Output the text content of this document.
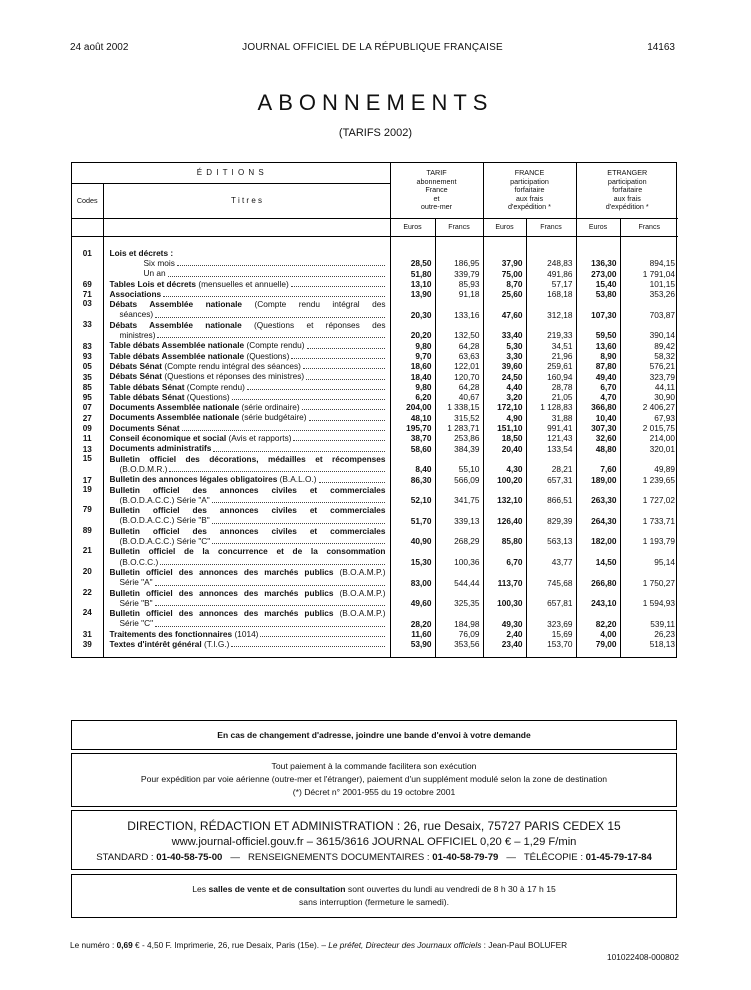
24 août 2002	JOURNAL OFFICIEL DE LA RÉPUBLIQUE FRANÇAISE	14163
ABONNEMENTS
(TARIFS 2002)
É D I T I O N S		TARIF
abonnement
France
et
outre-mer		FRANCE
participation
forfaitaire
aux frais
d'expédition *		ETRANGER
participation
forfaitaire
aux frais
d'expédition *	
Codes	T i t r e s						
		Euros	Francs	Euros	Francs	Euros	Francs

01	Lois et décrets :						

	Six mois	28,50	186,95	37,90	248,83	136,30	894,15

	Un an	51,80	339,79	75,00	491,86	273,00	1 791,04
69	Tables Lois et décrets (mensuelles et annuelle)	13,10	85,93	8,70	57,17	15,40	101,15
71	Associations	13,90	91,18	25,60	168,18	53,80	353,26
03	Débats Assemblée nationale (Compte rendu intégral des
séances)	20,30	133,16	47,60	312,18	107,30	703,87
33	Débats Assemblée nationale (Questions et réponses des
ministres)	20,20	132,50	33,40	219,33	59,50	390,14
83	Table débats Assemblée nationale (Compte rendu)	9,80	64,28	5,30	34,51	13,60	89,42
93	Table débats Assemblée nationale (Questions)	9,70	63,63	3,30	21,96	8,90	58,32
05	Débats Sénat (Compte rendu intégral des séances)	18,60	122,01	39,60	259,61	87,80	576,21
35	Débats Sénat (Questions et réponses des ministres)	18,40	120,70	24,50	160,94	49,40	323,79
85	Table débats Sénat (Compte rendu)	9,80	64,28	4,40	28,78	6,70	44,11
95	Table débats Sénat (Questions)	6,20	40,67	3,20	21,05	4,70	30,90
07	Documents Assemblée nationale (série ordinaire)	204,00	1 338,15	172,10	1 128,83	366,80	2 406,27
27	Documents Assemblée nationale (série budgétaire)	48,10	315,52	4,90	31,88	10,40	67,93
09	Documents Sénat	195,70	1 283,71	151,10	991,41	307,30	2 015,75
11	Conseil économique et social (Avis et rapports)	38,70	253,86	18,50	121,43	32,60	214,00
13	Documents administratifs	58,60	384,39	20,40	133,54	48,80	320,01
15	Bulletin officiel des décorations, médailles et récompenses
(B.O.D.M.R.)	8,40	55,10	4,30	28,21	7,60	49,89
17	Bulletin des annonces légales obligatoires (B.A.L.O.)	86,30	566,09	100,20	657,31	189,00	1 239,65
19	Bulletin officiel des annonces civiles et commerciales
(B.O.D.A.C.C.) Série "A"	52,10	341,75	132,10	866,51	263,30	1 727,02
79	Bulletin officiel des annonces civiles et commerciales
(B.O.D.A.C.C.) Série "B"	51,70	339,13	126,40	829,39	264,30	1 733,71
89	Bulletin officiel des annonces civiles et commerciales
(B.O.D.A.C.C.) Série "C"	40,90	268,29	85,80	563,13	182,00	1 193,79
21	Bulletin officiel de la concurrence et de la consommation
(B.O.C.C.)	15,30	100,36	6,70	43,77	14,50	95,14
20	Bulletin officiel des annonces des marchés publics (B.O.A.M.P.)
Série "A"	83,00	544,44	113,70	745,68	266,80	1 750,27
22	Bulletin officiel des annonces des marchés publics (B.O.A.M.P.)
Série "B"	49,60	325,35	100,30	657,81	243,10	1 594,93
24	Bulletin officiel des annonces des marchés publics (B.O.A.M.P.)
Série "C"	28,20	184,98	49,30	323,69	82,20	539,11
31	Traitements des fonctionnaires (1014)	11,60	76,09	2,40	15,69	4,00	26,23
39	Textes d'intérêt général (T.I.G.)	53,90	353,56	23,40	153,70	79,00	518,13

En cas de changement d'adresse, joindre une bande d'envoi à votre demande
Tout paiement à la commande facilitera son exécution
Pour expédition par voie aérienne (outre-mer et l'étranger), paiement d'un supplément modulé selon la zone de destination
(*) Décret n° 2001-955 du 19 octobre 2001
DIRECTION, RÉDACTION ET ADMINISTRATION : 26, rue Desaix, 75727 PARIS CEDEX 15
www.journal-officiel.gouv.fr – 3615/3616 JOURNAL OFFICIEL 0,20 € – 1,29 F/min
STANDARD : 01-40-58-75-00   —   RENSEIGNEMENTS DOCUMENTAIRES : 01-40-58-79-79   —   TÉLÉCOPIE : 01-45-79-17-84
Les salles de vente et de consultation sont ouvertes du lundi au vendredi de 8 h 30 à 17 h 15
sans interruption (fermeture le samedi).
Le numéro : 0,69 € - 4,50 F. Imprimerie, 26, rue Desaix, Paris (15e). – Le préfet, Directeur des Journaux officiels : Jean-Paul BOLUFER
101022408-000802
